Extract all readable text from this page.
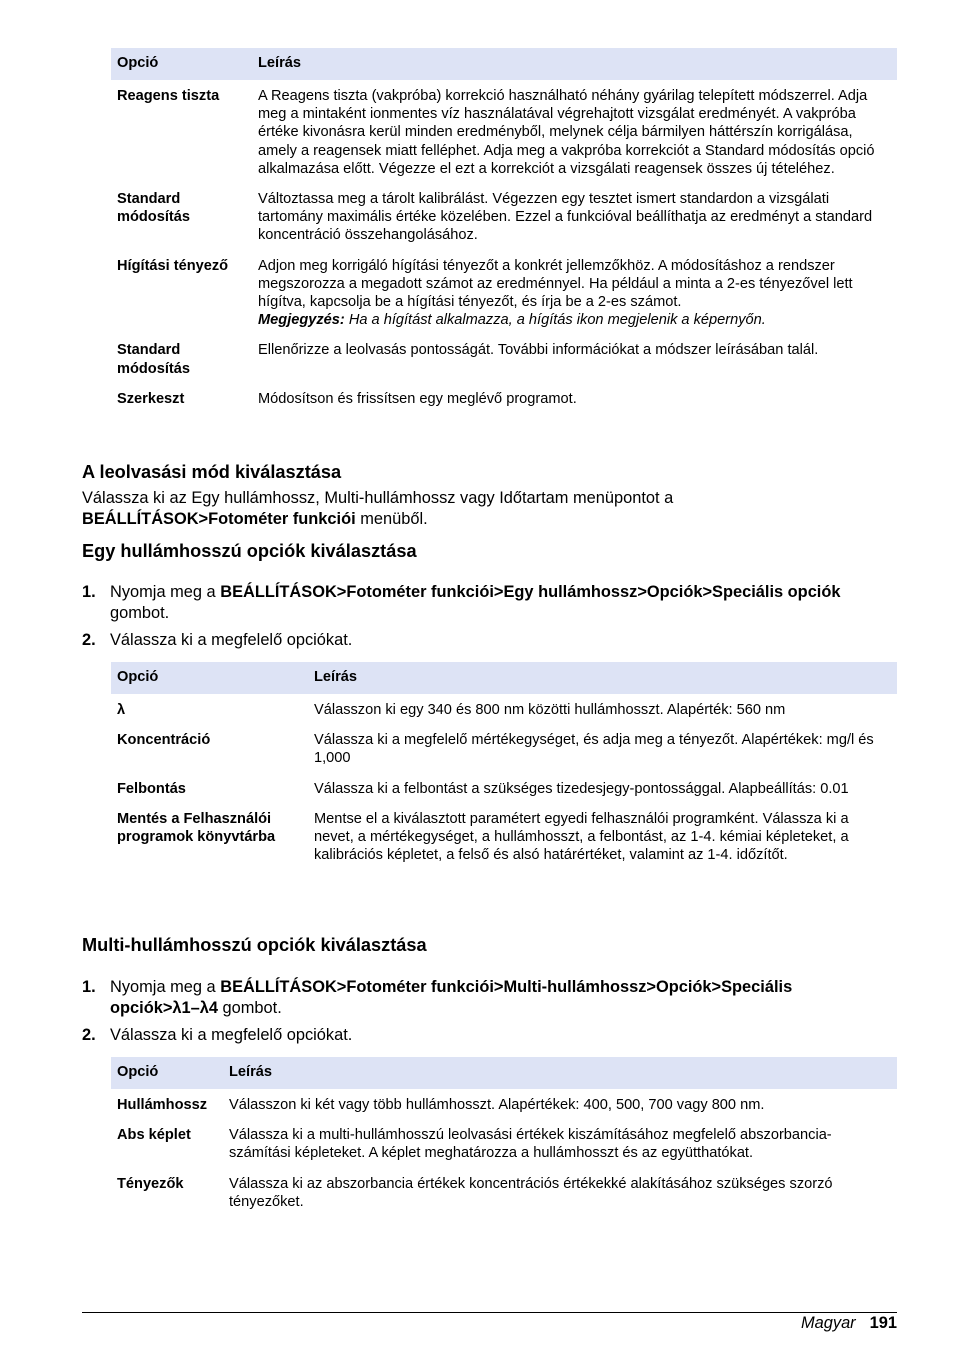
Opció	Leírás
Reagens tiszta	A Reagens tiszta (vakpróba) korrekció használható néhány gyárilag telepített módszerrel. Adja meg a mintaként ionmentes víz használatával végrehajtott vizsgálat eredményét. A vakpróba értéke kivonásra kerül minden eredményből, melynek célja bármilyen háttérszín korrigálása, amely a reagensek miatt felléphet. Adja meg a vakpróba korrekciót a Standard módosítás opció alkalmazása előtt. Végezze el ezt a korrekciót a vizsgálati reagensek összes új tételéhez.
Standard módosítás	Változtassa meg a tárolt kalibrálást. Végezzen egy tesztet ismert standardon a vizsgálati tartomány maximális értéke közelében. Ezzel a funkcióval beállíthatja az eredményt a standard koncentráció összehangolásához.
Hígítási tényező	Adjon meg korrigáló hígítási tényezőt a konkrét jellemzőkhöz. A módosításhoz a rendszer megszorozza a megadott számot az eredménnyel. Ha például a minta a 2-es tényezővel lett hígítva, kapcsolja be a hígítási tényezőt, és írja be a 2-es számot.
Megjegyzés: Ha a hígítást alkalmazza, a hígítás ikon megjelenik a képernyőn.
Standard módosítás	Ellenőrizze a leolvasás pontosságát. További információkat a módszer leírásában talál.
Szerkeszt	Módosítson és frissítsen egy meglévő programot.
A leolvasási mód kiválasztása

Válassza ki az Egy hullámhossz, Multi-hullámhossz vagy Időtartam menüpontot a BEÁLLÍTÁSOK>Fotométer funkciói menüből.

Egy hullámhosszú opciók kiválasztása
1. Nyomja meg a BEÁLLÍTÁSOK>Fotométer funkciói>Egy hullámhossz>Opciók>Speciális opciók gombot.
2. Válassza ki a megfelelő opciókat.
Opció	Leírás
λ	Válasszon ki egy 340 és 800 nm közötti hullámhosszt. Alapérték: 560 nm
Koncentráció	Válassza ki a megfelelő mértékegységet, és adja meg a tényezőt. Alapértékek: mg/l és 1,000
Felbontás	Válassza ki a felbontást a szükséges tizedesjegy-pontossággal. Alapbeállítás: 0.01
Mentés a Felhasználói programok könyvtárba	Mentse el a kiválasztott paramétert egyedi felhasználói programként. Válassza ki a nevet, a mértékegységet, a hullámhosszt, a felbontást, az 1-4. kémiai képleteket, a kalibrációs képletet, a felső és alsó határértéket, valamint az 1-4. időzítőt.
Multi-hullámhosszú opciók kiválasztása
1. Nyomja meg a BEÁLLÍTÁSOK>Fotométer funkciói>Multi-hullámhossz>Opciók>Speciális opciók>λ1–λ4 gombot.
2. Válassza ki a megfelelő opciókat.
Opció	Leírás
Hullámhossz	Válasszon ki két vagy több hullámhosszt. Alapértékek: 400, 500, 700 vagy 800 nm.
Abs képlet	Válassza ki a multi-hullámhosszú leolvasási értékek kiszámításához megfelelő abszorbancia-számítási képleteket. A képlet meghatározza a hullámhosszt és az együtthatókat.
Tényezők	Válassza ki az abszorbancia értékek koncentrációs értékekké alakításához szükséges szorzó tényezőket.
Magyar 191
